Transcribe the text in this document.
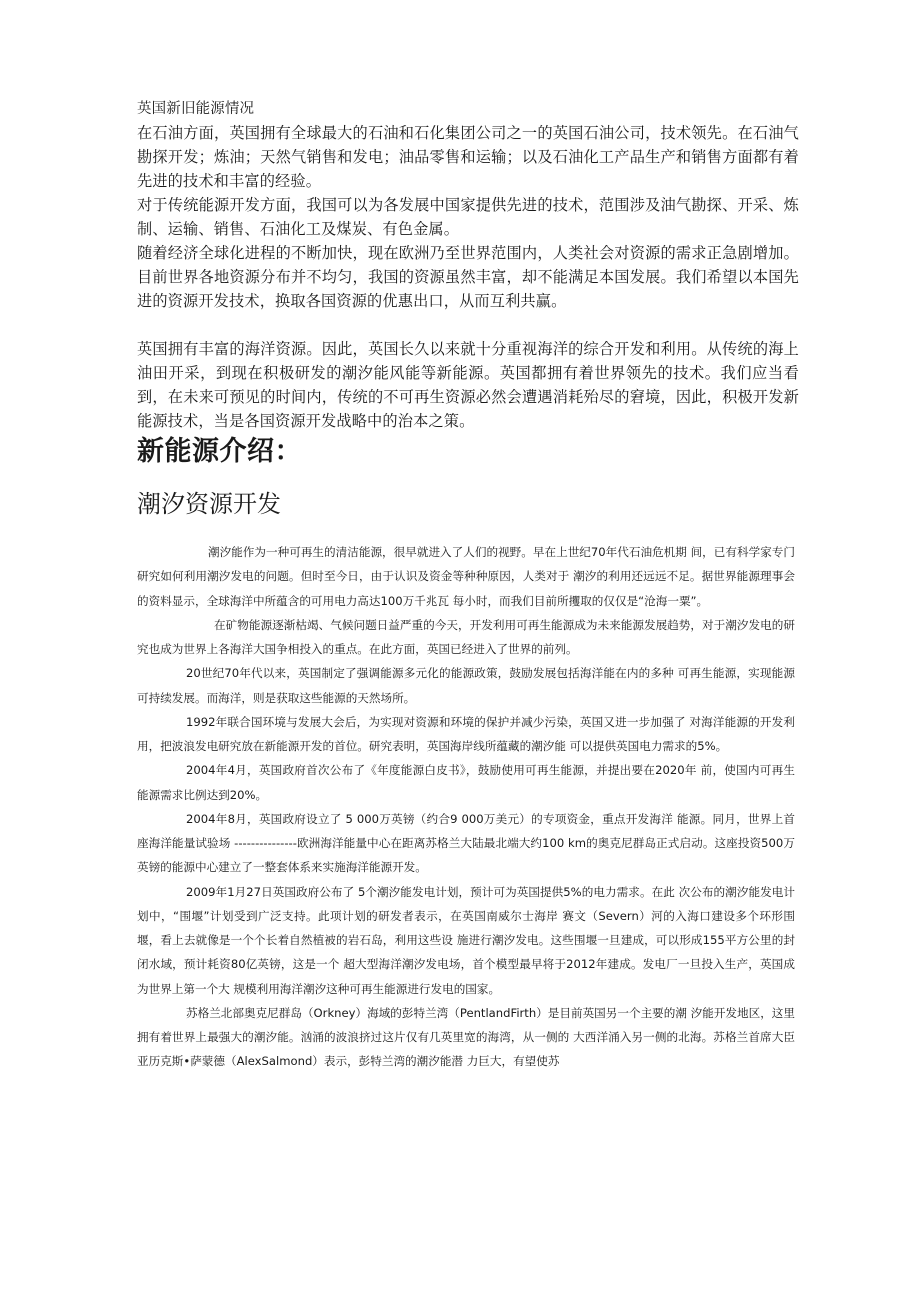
英国新旧能源情况

在石油方面，英国拥有全球最大的石油和石化集团公司之一的英国石油公司，技术领先。在石油气勘探开发；炼油；天然气销售和发电；油品零售和运输；以及石油化工产品生产和销售方面都有着先进的技术和丰富的经验。

对于传统能源开发方面，我国可以为各发展中国家提供先进的技术，范围涉及油气勘探、开采、炼制、运输、销售、石油化工及煤炭、有色金属。

随着经济全球化进程的不断加快，现在欧洲乃至世界范围内，人类社会对资源的需求正急剧增加。目前世界各地资源分布并不均匀，我国的资源虽然丰富，却不能满足本国发展。我们希望以本国先进的资源开发技术，换取各国资源的优惠出口，从而互利共赢。

英国拥有丰富的海洋资源。因此，英国长久以来就十分重视海洋的综合开发和利用。从传统的海上油田开采，到现在积极研发的潮汐能风能等新能源。英国都拥有着世界领先的技术。我们应当看到，在未来可预见的时间内，传统的不可再生资源必然会遭遇消耗殆尽的窘境，因此，积极开发新能源技术，当是各国资源开发战略中的治本之策。

新能源介绍：
潮汐资源开发

潮汐能作为一种可再生的清洁能源，很早就进入了人们的视野。早在上世纪70年代石油危机期 间，已有科学家专门研究如何利用潮汐发电的问题。但时至今日，由于认识及资金等种种原因，人类对于 潮汐的利用还远远不足。据世界能源理事会的资料显示，全球海洋中所蕴含的可用电力高达100万千兆瓦 每小时，而我们目前所攫取的仅仅是“沧海一粟”。

在矿物能源逐渐枯竭、气候问题日益严重的今天，开发利用可再生能源成为未来能源发展趋势，对于潮汐发电的研究也成为世界上各海洋大国争相投入的重点。在此方面，英国已经进入了世界的前列。

20世纪70年代以来，英国制定了强调能源多元化的能源政策，鼓励发展包括海洋能在内的多种 可再生能源，实现能源可持续发展。而海洋，则是获取这些能源的天然场所。

1992年联合国环境与发展大会后，为实现对资源和环境的保护并减少污染，英国又进一步加强了 对海洋能源的开发利用，把波浪发电研究放在新能源开发的首位。研究表明，英国海岸线所蕴藏的潮汐能 可以提供英国电力需求的5%。

2004年4月，英国政府首次公布了《年度能源白皮书》，鼓励使用可再生能源，并提出要在2020年 前，使国内可再生能源需求比例达到20%。

2004年8月，英国政府设立了 5 000万英镑（约合9 000万美元）的专项资金，重点开发海洋 能源。同月，世界上首座海洋能量试验场 ---------------欧洲海洋能量中心在距离苏格兰大陆最北端大约100 km的奥克尼群岛正式启动。这座投资500万英镑的能源中心建立了一整套体系来实施海洋能源开发。

2009年1月27日英国政府公布了 5个潮汐能发电计划，预计可为英国提供5%的电力需求。在此 次公布的潮汐能发电计划中，“围堰”计划受到广泛支持。此项计划的研发者表示，在英国南威尔士海岸 赛文（Severn）河的入海口建设多个环形围堰，看上去就像是一个个长着自然植被的岩石岛，利用这些设 施进行潮汐发电。这些围堰一旦建成，可以形成155平方公里的封闭水域，预计耗资80亿英镑，这是一个 超大型海洋潮汐发电场，首个模型最早将于2012年建成。发电厂一旦投入生产，英国成为世界上第一个大 规模利用海洋潮汐这种可再生能源进行发电的国家。

苏格兰北部奥克尼群岛（Orkney）海域的彭特兰湾（PentlandFirth）是目前英国另一个主要的潮 汐能开发地区，这里拥有着世界上最强大的潮汐能。汹涌的波浪挤过这片仅有几英里宽的海湾，从一侧的 大西洋涌入另一侧的北海。苏格兰首席大臣亚历克斯•萨蒙德（AlexSalmond）表示，彭特兰湾的潮汐能潜 力巨大，有望使苏
